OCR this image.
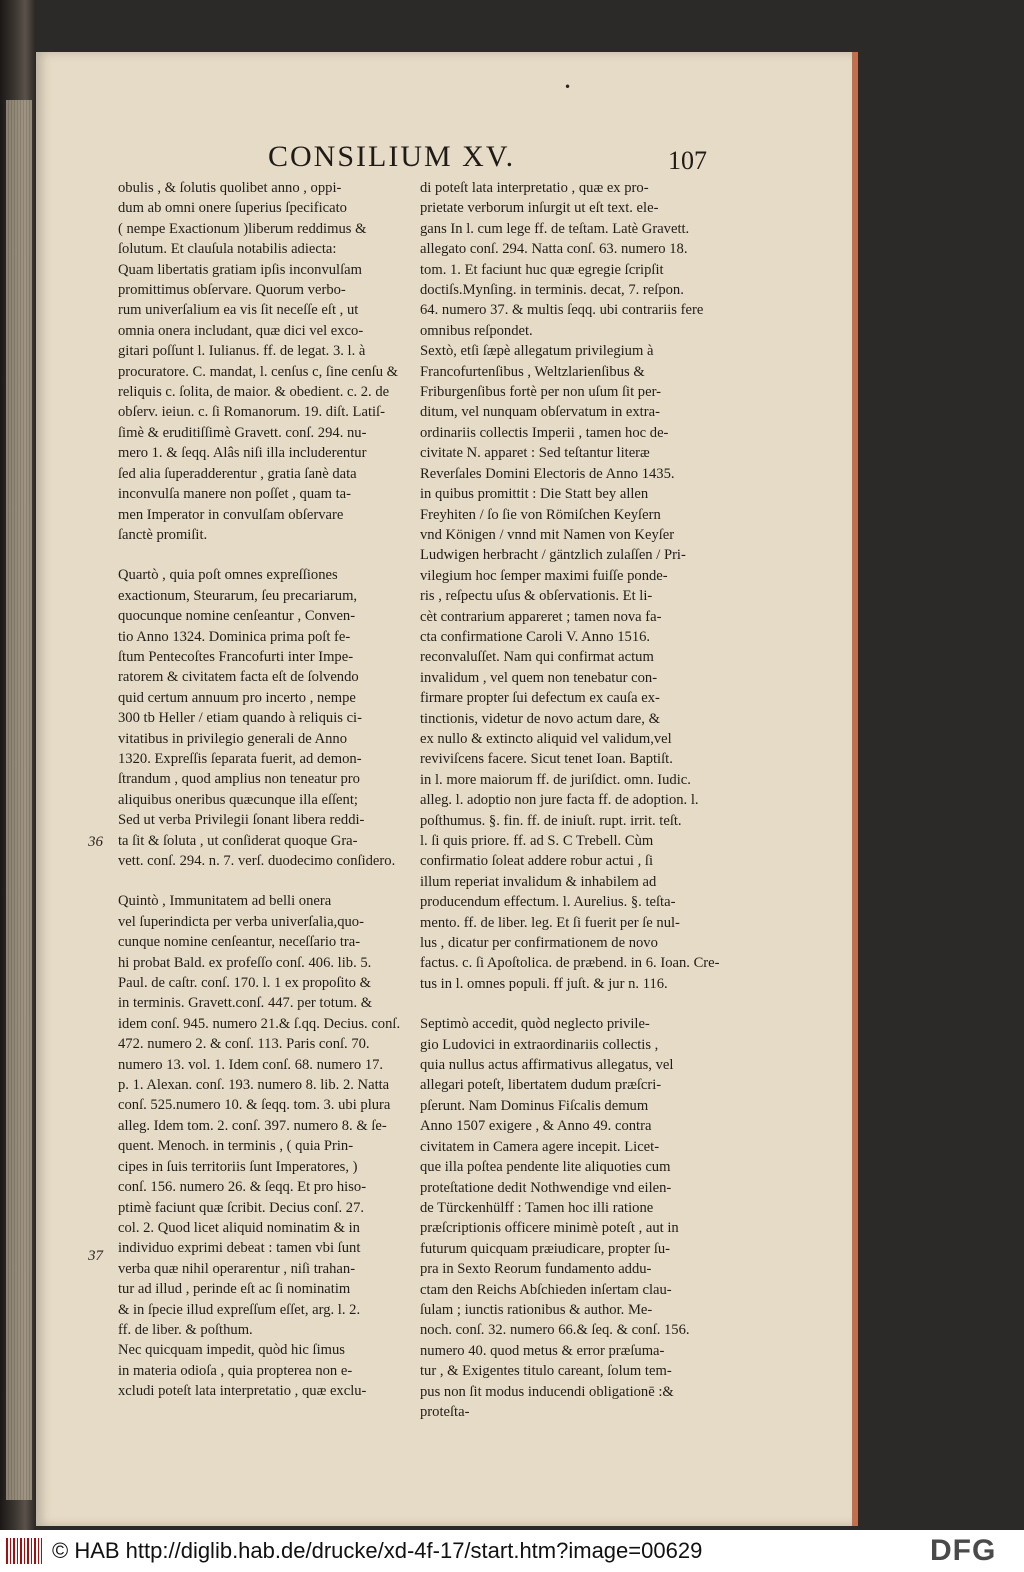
•
CONSILIUM XV.	107
36
37
obulis , & ſolutis quolibet anno , oppi-
dum ab omni onere ſuperius ſpecificato
( nempe Exactionum )liberum reddimus &
ſolutum. Et clauſula notabilis adiecta:
Quam libertatis gratiam ipſis inconvulſam
promittimus obſervare. Quorum verbo-
rum univerſalium ea vis ſit neceſſe eſt , ut
omnia onera includant, quæ dici vel exco-
gitari poſſunt l. Iulianus. ff. de legat. 3. l. à
procuratore. C. mandat, l. cenſus c, ſine cenſu &
reliquis c. ſolita, de maior. & obedient. c. 2. de
obſerv. ieiun. c. ſi Romanorum. 19. diſt. Latiſ-
ſimè & eruditiſſimè Gravett. conſ. 294. nu-
mero 1. & ſeqq. Alâs niſi illa includerentur
ſed alia ſuperadderentur , gratia ſanè data
inconvulſa manere non poſſet , quam ta-
men Imperator in convulſam obſervare
ſanctè promiſit.
Quartò , quia poſt omnes expreſſiones
exactionum, Steurarum, ſeu precariarum,
quocunque nomine cenſeantur , Conven-
tio Anno 1324. Dominica prima poſt fe-
ſtum Pentecoſtes Francofurti inter Impe-
ratorem & civitatem facta eſt de ſolvendo
quid certum annuum pro incerto , nempe
300 tb Heller / etiam quando à reliquis ci-
vitatibus in privilegio generali de Anno
1320. Expreſſis ſeparata fuerit, ad demon-
ſtrandum , quod amplius non teneatur pro
aliquibus oneribus quæcunque illa eſſent;
Sed ut verba Privilegii ſonant libera reddi-
ta ſit & ſoluta , ut conſiderat quoque Gra-
vett. conſ. 294. n. 7. verſ. duodecimo conſidero.
Quintò , Immunitatem ad belli onera
vel ſuperindicta per verba univerſalia,quo-
cunque nomine cenſeantur, neceſſario tra-
hi probat Bald. ex profeſſo conſ. 406. lib. 5.
Paul. de caſtr. conſ. 170. l. 1 ex propoſito &
in terminis. Gravett.conſ. 447. per totum. &
idem conſ. 945. numero 21.& ſ.qq. Decius. conſ.
472. numero 2. & conſ. 113. Paris conſ. 70.
numero 13. vol. 1. Idem conſ. 68. numero 17.
p. 1. Alexan. conſ. 193. numero 8. lib. 2. Natta
conſ. 525.numero 10. & ſeqq. tom. 3. ubi plura
alleg. Idem tom. 2. conſ. 397. numero 8. & ſe-
quent. Menoch. in terminis , ( quia Prin-
cipes in ſuis territoriis ſunt Imperatores, )
conſ. 156. numero 26. & ſeqq. Et pro hiso-
ptimè faciunt quæ ſcribit. Decius conſ. 27.
col. 2. Quod licet aliquid nominatim & in
individuo exprimi debeat : tamen vbi ſunt
verba quæ nihil operarentur , niſi trahan-
tur ad illud , perinde eſt ac ſi nominatim
& in ſpecie illud expreſſum eſſet, arg. l. 2.
ff. de liber. & poſthum.
Nec quicquam impedit, quòd hic ſimus
in materia odioſa , quia propterea non e-
xcludi poteſt lata interpretatio , quæ exclu-
di poteſt lata interpretatio , quæ ex pro-
prietate verborum inſurgit ut eſt text. ele-
gans In l. cum lege ff. de teſtam. Latè Gravett.
allegato conſ. 294. Natta conſ. 63. numero 18.
tom. 1. Et faciunt huc quæ egregie ſcripſit
doctiſs.Mynſing. in terminis. decat, 7. reſpon.
64. numero 37. & multis ſeqq. ubi contrariis fere
omnibus reſpondet.
Sextò, etſi ſæpè allegatum privilegium à
Francofurtenſibus , Weltzlarienſibus &
Friburgenſibus fortè per non uſum ſit per-
ditum, vel nunquam obſervatum in extra-
ordinariis collectis Imperii , tamen hoc de-
civitate N. apparet : Sed teſtantur literæ
Reverſales Domini Electoris de Anno 1435.
in quibus promittit : Die Statt bey allen
Freyhiten / ſo ſie von Römiſchen Keyſern
vnd Königen / vnnd mit Namen von Keyſer
Ludwigen herbracht / gäntzlich zulaſſen / Pri-
vilegium hoc ſemper maximi fuiſſe ponde-
ris , reſpectu uſus & obſervationis. Et li-
cèt contrarium appareret ; tamen nova fa-
cta confirmatione Caroli V. Anno 1516.
reconvaluſſet. Nam qui confirmat actum
invalidum , vel quem non tenebatur con-
firmare propter ſui defectum ex cauſa ex-
tinctionis, videtur de novo actum dare, &
ex nullo & extincto aliquid vel validum,vel
reviviſcens facere. Sicut tenet Ioan. Baptiſt.
in l. more maiorum ff. de juriſdict. omn. Iudic.
alleg. l. adoptio non jure facta ff. de adoption. l.
poſthumus. §. fin. ff. de iniuſt. rupt. irrit. teſt.
l. ſi quis priore. ff. ad S. C Trebell. Cùm
confirmatio ſoleat addere robur actui , ſi
illum reperiat invalidum & inhabilem ad
producendum effectum. l. Aurelius. §. teſta-
mento. ff. de liber. leg. Et ſi fuerit per ſe nul-
lus , dicatur per confirmationem de novo
factus. c. ſi Apoſtolica. de præbend. in 6. Ioan. Cre-
tus in l. omnes populi. ff juſt. & jur n. 116.
Septimò accedit, quòd neglecto privile-
gio Ludovici in extraordinariis collectis ,
quia nullus actus affirmativus allegatus, vel
allegari poteſt, libertatem dudum præſcri-
pſerunt. Nam Dominus Fiſcalis demum
Anno 1507 exigere , & Anno 49. contra
civitatem in Camera agere incepit. Licet-
que illa poſtea pendente lite aliquoties cum
proteſtatione dedit Nothwendige vnd eilen-
de Türckenhülff : Tamen hoc illi ratione
præſcriptionis officere minimè poteſt , aut in
futurum quicquam præiudicare, propter ſu-
pra in Sexto Reorum fundamento addu-
ctam den Reichs Abſchieden inſertam clau-
ſulam ; iunctis rationibus & author. Me-
noch. conſ. 32. numero 66.& ſeq. & conſ. 156.
numero 40. quod metus & error præſuma-
tur , & Exigentes titulo careant, ſolum tem-
pus non ſit modus inducendi obligationē :&
proteſta-
© HAB http://diglib.hab.de/drucke/xd-4f-17/start.htm?image=00629	DFG
